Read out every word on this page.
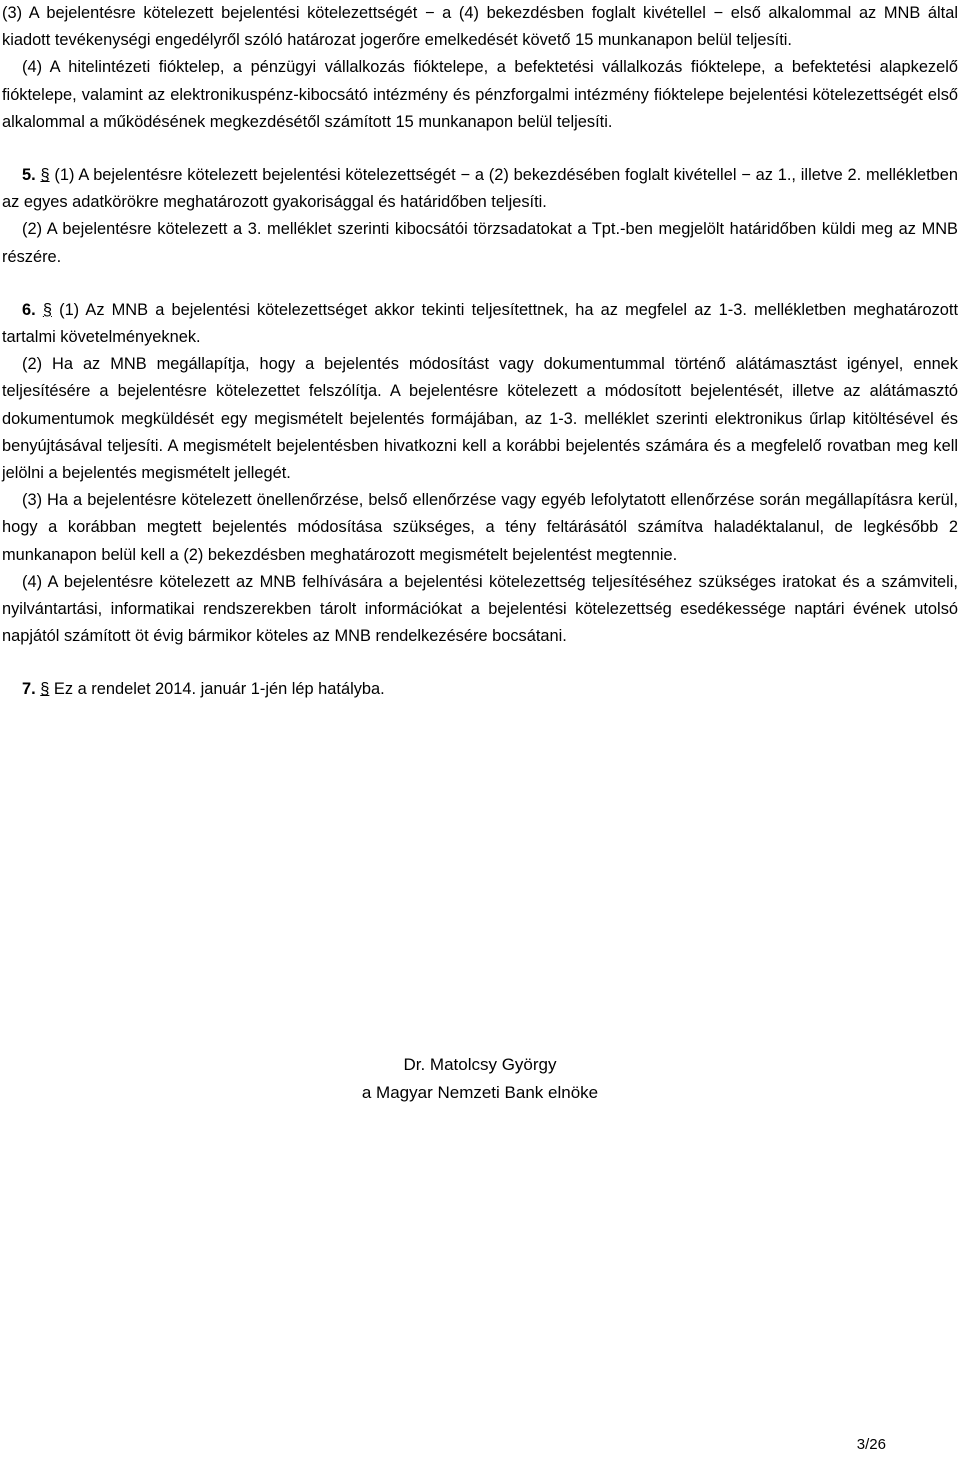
(3) A bejelentésre kötelezett bejelentési kötelezettségét − a (4) bekezdésben foglalt kivétellel − első alkalommal az MNB által kiadott tevékenységi engedélyről szóló határozat jogerőre emelkedését követő 15 munkanapon belül teljesíti.

(4) A hitelintézeti fióktelep, a pénzügyi vállalkozás fióktelepe, a befektetési vállalkozás fióktelepe, a befektetési alapkezelő fióktelepe, valamint az elektronikuspénz-kibocsátó intézmény és pénzforgalmi intézmény fióktelepe bejelentési kötelezettségét első alkalommal a működésének megkezdésétől számított 15 munkanapon belül teljesíti.

5. § (1) A bejelentésre kötelezett bejelentési kötelezettségét − a (2) bekezdésében foglalt kivétellel − az 1., illetve 2. mellékletben az egyes adatkörökre meghatározott gyakorisággal és határidőben teljesíti.

(2) A bejelentésre kötelezett a 3. melléklet szerinti kibocsátói törzsadatokat a Tpt.-ben megjelölt határidőben küldi meg az MNB részére.

6. § (1) Az MNB a bejelentési kötelezettséget akkor tekinti teljesítettnek, ha az megfelel az 1-3. mellékletben meghatározott tartalmi követelményeknek.

(2) Ha az MNB megállapítja, hogy a bejelentés módosítást vagy dokumentummal történő alátámasztást igényel, ennek teljesítésére a bejelentésre kötelezettet felszólítja. A bejelentésre kötelezett a módosított bejelentését, illetve az alátámasztó dokumentumok megküldését egy megismételt bejelentés formájában, az 1-3. melléklet szerinti elektronikus űrlap kitöltésével és benyújtásával teljesíti. A megismételt bejelentésben hivatkozni kell a korábbi bejelentés számára és a megfelelő rovatban meg kell jelölni a bejelentés megismételt jellegét.

(3) Ha a bejelentésre kötelezett önellenőrzése, belső ellenőrzése vagy egyéb lefolytatott ellenőrzése során megállapításra kerül, hogy a korábban megtett bejelentés módosítása szükséges, a tény feltárásától számítva haladéktalanul, de legkésőbb 2 munkanapon belül kell a (2) bekezdésben meghatározott megismételt bejelentést megtennie.

(4) A bejelentésre kötelezett az MNB felhívására a bejelentési kötelezettség teljesítéséhez szükséges iratokat és a számviteli, nyilvántartási, informatikai rendszerekben tárolt információkat a bejelentési kötelezettség esedékessége naptári évének utolsó napjától számított öt évig bármikor köteles az MNB rendelkezésére bocsátani.

7. § Ez a rendelet 2014. január 1-jén lép hatályba.

Dr. Matolcsy György
a Magyar Nemzeti Bank elnöke
3/26
